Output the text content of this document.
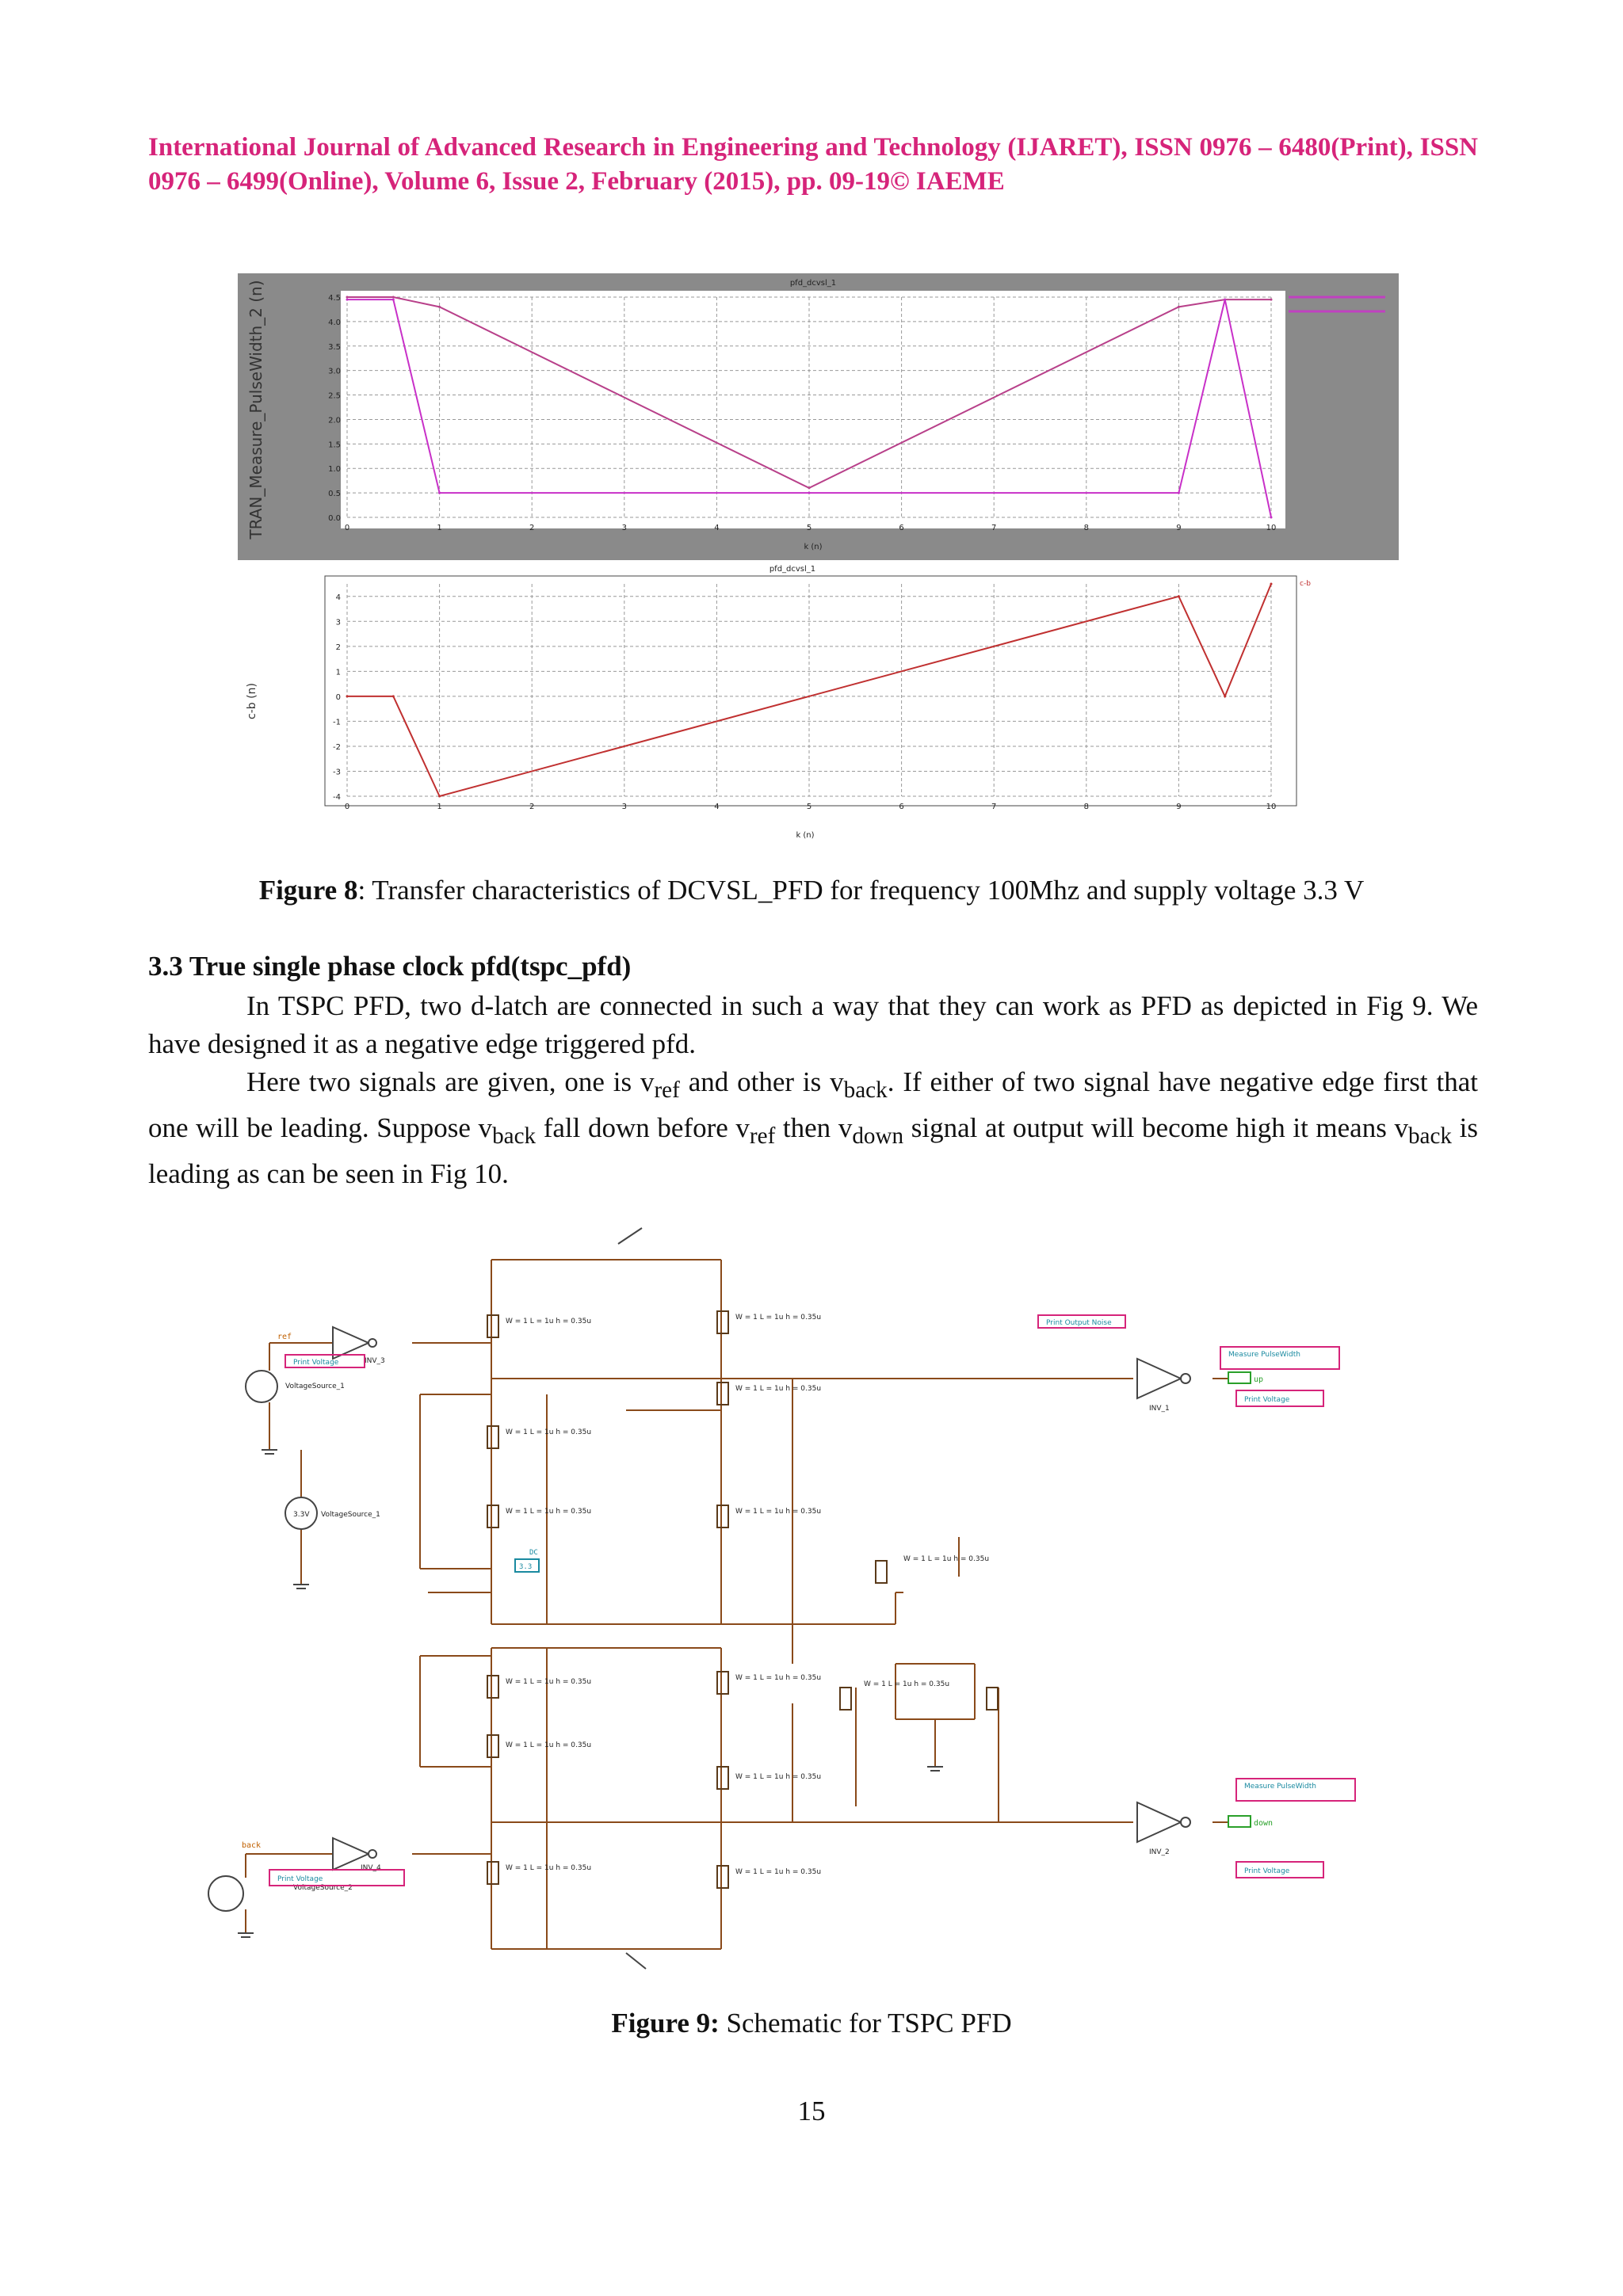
International Journal of Advanced Research in Engineering and Technology (IJARET), ISSN 0976 – 6480(Print), ISSN 0976 – 6499(Online), Volume 6, Issue 2, February (2015), pp. 09-19© IAEME
pfd_dcvsl_1
k (n)
TRAN_Measure_PulseWidth_2 (n)	0	1	2	3	4	5	6	7	8	9	10
0.0
0.5
1.0
1.5
2.0
2.5
3.0
3.5
4.0
4.5
pfd_dcvsl_1
k (n)
c-b (n)
c-b
0	1	2	3	4	5	6	7	8	9	10
4
3
2
1
0
-1
-2
-3
-4
Figure 8: Transfer characteristics of DCVSL_PFD for frequency 100Mhz and supply voltage 3.3 V
3.3 True single phase clock pfd(tspc_pfd)

In TSPC PFD, two d-latch are connected in such a way that they can work as PFD as depicted in Fig 9. We have designed it as a negative edge triggered pfd.

Here two signals are given, one is $v_{ref}$ and other is $v_{back}$. If either of two signal have negative edge first that one will be leading. Suppose $v_{back}$ fall down before $v_{ref}$ then $v_{down}$ signal at output will become high it means $v_{back}$ is leading as can be seen in Fig 10.

W = 1 L = 1u h = 0.35u	W = 1 L = 1u h = 0.35u
W = 1 L = 1u h = 0.35u
W = 1 L = 1u h = 0.35u
W = 1 L = 1u h = 0.35u	W = 1 L = 1u h = 0.35u
W = 1 L = 1u h = 0.35u	W = 1 L = 1u h = 0.35u
W = 1 L = 1u h = 0.35u
W = 1 L = 1u h = 0.35u
W = 1 L = 1u h = 0.35u	W = 1 L = 1u h = 0.35u
W = 1 L = 1u h = 0.35u
W = 1 L = 1u h = 0.35u
INV_3
INV_1
INV_4
INV_2
VoltageSource_1
3.3V VoltageSource_1
VoltageSource_2
ref
back
Print Voltage
Print Output Noise
Measure PulseWidth
Print Voltage
Measure PulseWidth
Print Voltage
Print Voltage
up
down
DC
3.3
Figure 9: Schematic for TSPC PFD
15
